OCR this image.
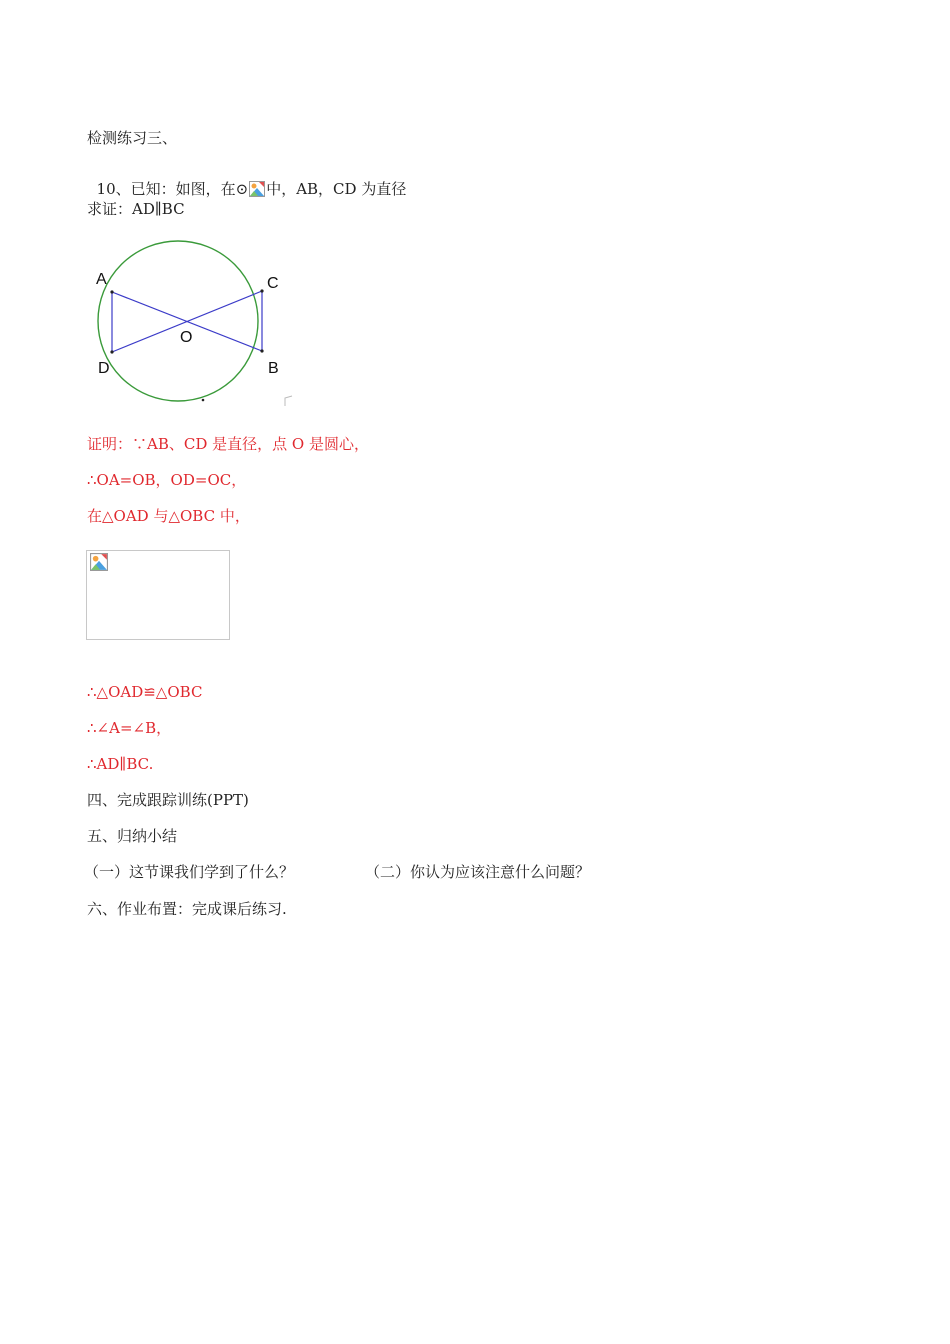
检测练习三、

10、已知：如图，在⊙ 中，AB，CD 为直径

求证：AD∥BC
A	C
O
D	B
证明：∵AB、CD 是直径，点 O 是圆心，
∴OA=OB，OD=OC，
在△OAD 与△OBC 中，
∴△OAD≌△OBC
∴∠A=∠B，
∴AD∥BC.
四、完成跟踪训练(PPT)
五、归纳小结
（一）这节课我们学到了什么？	（二）你认为应该注意什么问题？
六、作业布置：完成课后练习.
